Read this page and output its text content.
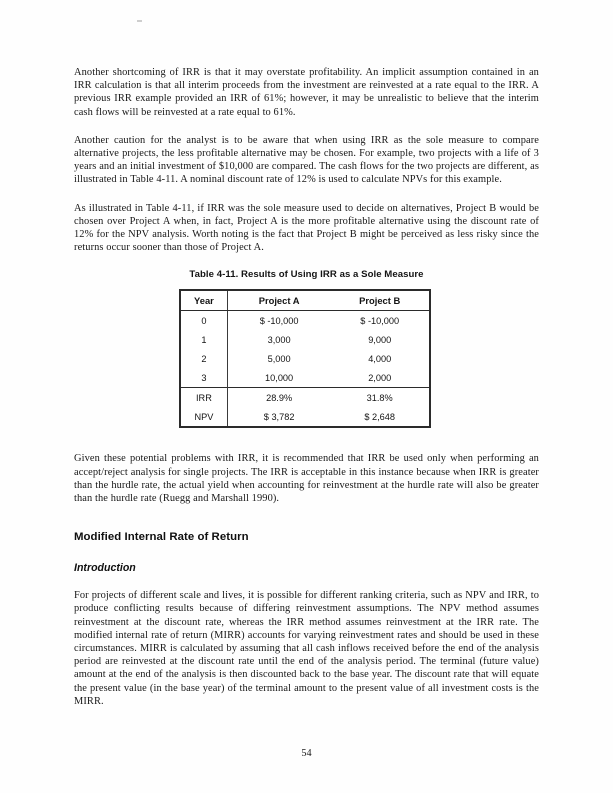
Another shortcoming of IRR is that it may overstate profitability. An implicit assumption contained in an IRR calculation is that all interim proceeds from the investment are reinvested at a rate equal to the IRR. A previous IRR example provided an IRR of 61%; however, it may be unrealistic to believe that the interim cash flows will be reinvested at a rate equal to 61%.

Another caution for the analyst is to be aware that when using IRR as the sole measure to compare alternative projects, the less profitable alternative may be chosen. For example, two projects with a life of 3 years and an initial investment of $10,000 are compared. The cash flows for the two projects are different, as illustrated in Table 4-11. A nominal discount rate of 12% is used to calculate NPVs for this example.

As illustrated in Table 4-11, if IRR was the sole measure used to decide on alternatives, Project B would be chosen over Project A when, in fact, Project A is the more profitable alternative using the discount rate of 12% for the NPV analysis. Worth noting is the fact that Project B might be perceived as less risky since the returns occur sooner than those of Project A.

Table 4-11. Results of Using IRR as a Sole Measure
Year	Project A	Project B
0	$ -10,000	$ -10,000
1	3,000	9,000
2	5,000	4,000
3	10,000	2,000
IRR	28.9%	31.8%
NPV	$ 3,782	$ 2,648

Given these potential problems with IRR, it is recommended that IRR be used only when performing an accept/reject analysis for single projects. The IRR is acceptable in this instance because when IRR is greater than the hurdle rate, the actual yield when accounting for reinvestment at the hurdle rate will also be greater than the hurdle rate (Ruegg and Marshall 1990).

Modified Internal Rate of Return
Introduction

For projects of different scale and lives, it is possible for different ranking criteria, such as NPV and IRR, to produce conflicting results because of differing reinvestment assumptions. The NPV method assumes reinvestment at the discount rate, whereas the IRR method assumes reinvestment at the IRR rate. The modified internal rate of return (MIRR) accounts for varying reinvestment rates and should be used in these circumstances. MIRR is calculated by assuming that all cash inflows received before the end of the analysis period are reinvested at the discount rate until the end of the analysis period. The terminal (future value) amount at the end of the analysis is then discounted back to the base year. The discount rate that will equate the present value (in the base year) of the terminal amount to the present value of all investment costs is the MIRR.

54
